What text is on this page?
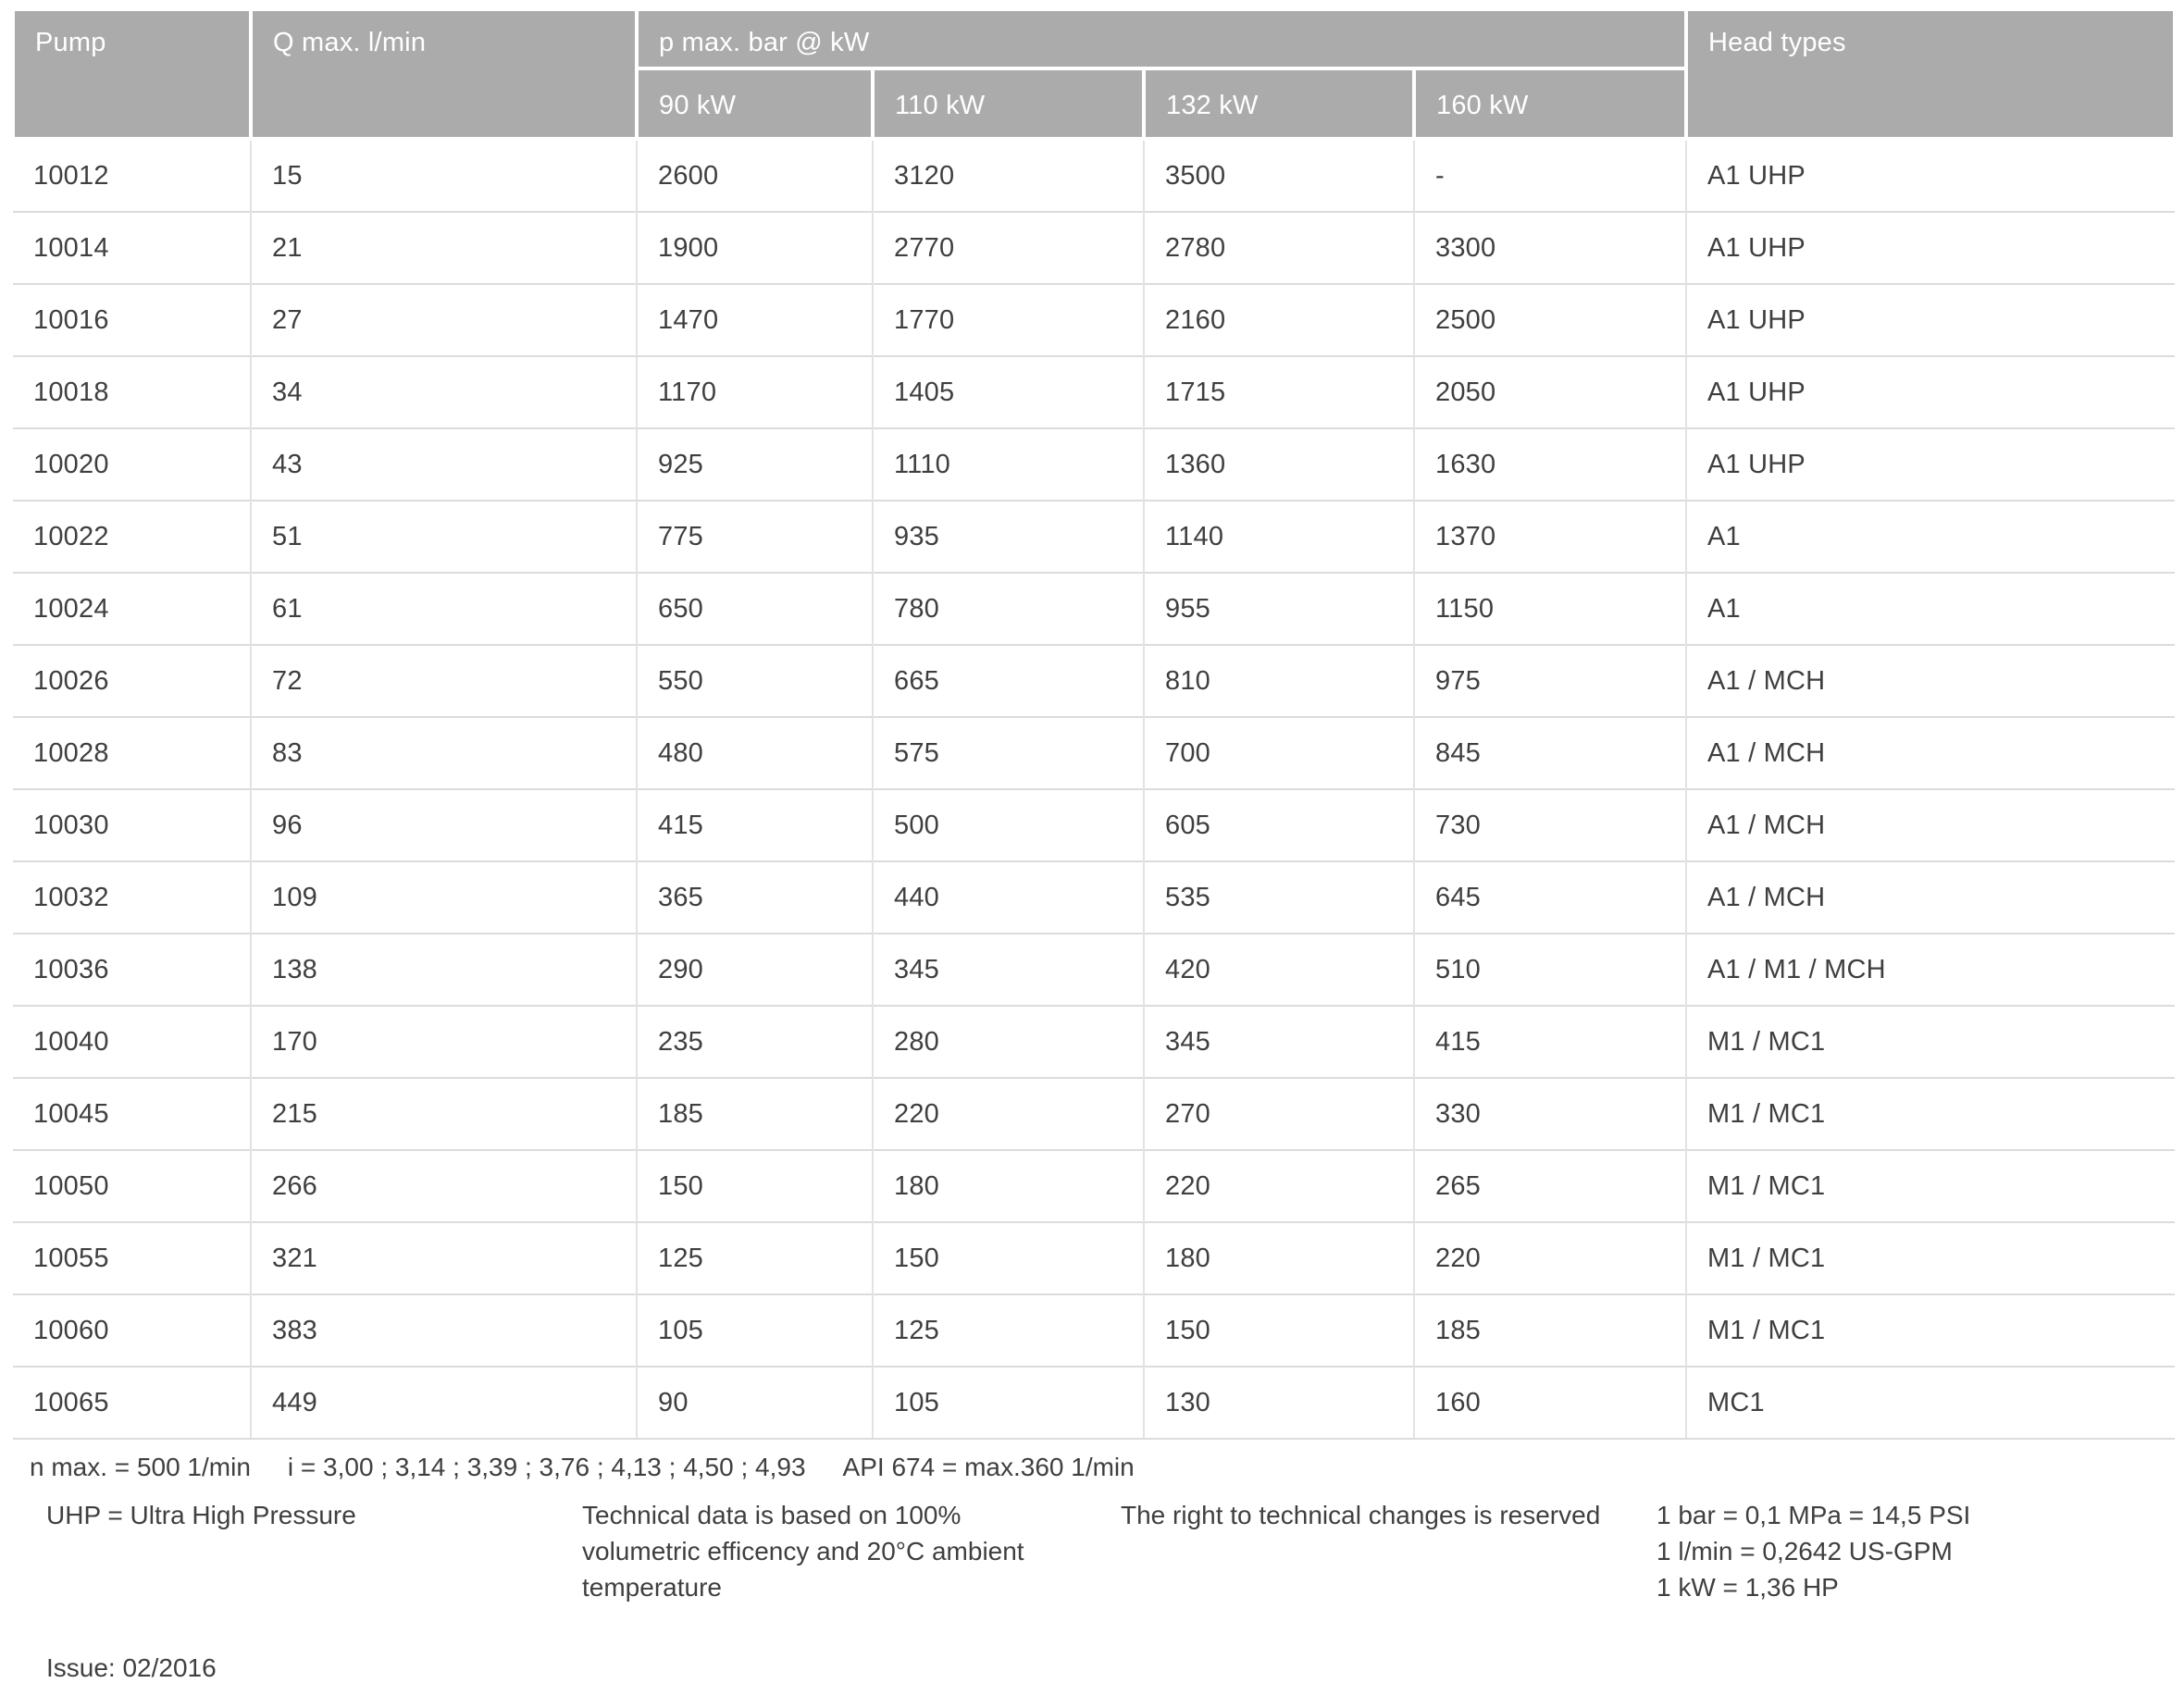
Pump	Q max. l/min	p max. bar @ kW				Head types
		90 kW	110 kW	132 kW	160 kW	
10012	15	2600	3120	3500	-	A1 UHP
10014	21	1900	2770	2780	3300	A1 UHP
10016	27	1470	1770	2160	2500	A1 UHP
10018	34	1170	1405	1715	2050	A1 UHP
10020	43	925	1110	1360	1630	A1 UHP
10022	51	775	935	1140	1370	A1
10024	61	650	780	955	1150	A1
10026	72	550	665	810	975	A1 / MCH
10028	83	480	575	700	845	A1 / MCH
10030	96	415	500	605	730	A1 / MCH
10032	109	365	440	535	645	A1 / MCH
10036	138	290	345	420	510	A1 / M1 / MCH
10040	170	235	280	345	415	M1 / MC1
10045	215	185	220	270	330	M1 / MC1
10050	266	150	180	220	265	M1 / MC1
10055	321	125	150	180	220	M1 / MC1
10060	383	105	125	150	185	M1 / MC1
10065	449	90	105	130	160	MC1
n max. = 500 1/min i = 3,00 ; 3,14 ; 3,39 ; 3,76 ; 4,13 ; 4,50 ; 4,93 API 674 = max.360 1/min
UHP = Ultra High Pressure	Technical data is based on 100% volumetric efficency and 20°C ambient temperature
The right to technical changes is reserved	1 bar = 0,1 MPa = 14,5 PSI
1 l/min = 0,2642 US-GPM
1 kW = 1,36 HP
Issue: 02/2016
